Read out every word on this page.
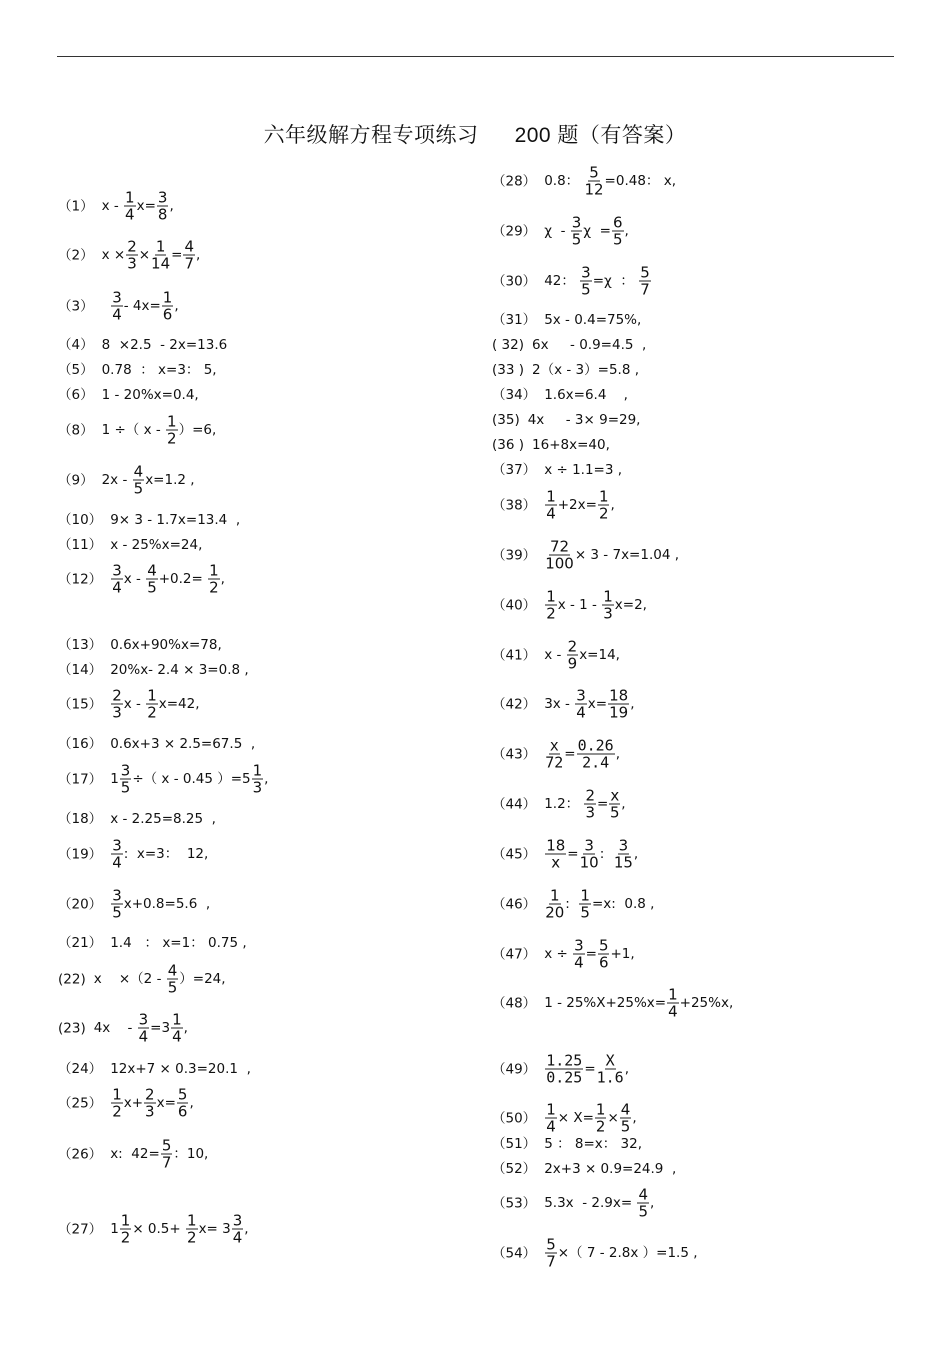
六年级解方程专项练习 200 题（有答案）
（1） $x - \frac{1}{4} x= \frac{3}{8}$ ,
（2） $x \times \frac{2}{3} \times \frac{1}{14} = \frac{4}{7}$ ,
$(3) \frac{3}{4} - 4x= \frac{1}{6}$ ,
（4） 8  ×2.5  - 2x=13.6
（5） 0.78  ： x=3： 5,
（6） 1 - 20%x=0.4,
（8） 1 ÷（ $x - \frac{1}{2} )=6$,
（9） $2x - \frac{4}{5} x=1.2$ ,
（10） 9× 3 - 1.7x=13.4  ,
（11） x - 25%x=24,
$(12) \frac{3}{4}$ $x - \frac{4}{5} +0.2= \frac{1}{2}$ ,
（13） 0.6x+90%x=78,
（14） 20%x- 2.4 × 3=0.8 ,
$(15) \frac{2}{3}$ $x - \frac{1}{2} x=42$,
（16） 0.6x+3 × 2.5=67.5  ,
（17） $1 \frac{3}{5}$ ÷（ x - 0.45 ）$=5 \frac{1}{3}$ ,
（18） x - 2.25=8.25  ,
$(19) \frac{3}{4}$ :  x=3：  12,
$(20) \frac{3}{5} x+0.8=5.6$  ,
（21） 1.4   ： x=1： 0.75 ,
(22) x    $\times(2 - \frac{4}{5} )=24$,
(23) 4x    - $\frac{3}{4} =3 \frac{1}{4}$ ,
（24） 12x+7 × 0.3=20.1  ,
$(25) \frac{1}{2} x+ \frac{2}{3} x= \frac{5}{6}$ ,
（26） x:  $42= \frac{5}{7}$ ：10,
（27） $1 \frac{1}{2} \times 0.5+ \frac{1}{2} x= 3 \frac{3}{4}$ ,
（28） 0.8： $\frac{5}{12} =0.48$： x,
（29） χ  - $\frac{3}{5}$ $\chi = \frac{6}{5}$ ,
（30） 42： $\frac{3}{5} =\chi$  ： $\frac{5}{7}$
（31） 5x - 0.4=75%,
( 32) 6x     - 0.9=4.5  ,
(33 ) 2（x - 3）=5.8 ,
（34） 1.6x=6.4    ,
(35) 4x     - 3× 9=29,
(36 ) 16+8x=40,
（37） x ÷ 1.1=3 ,
$(38) \frac{1}{4} +2x= \frac{1}{2}$ ,
$(39) \frac{72}{100} \times 3 - 7x=1.04$ ,
$(40) \frac{1}{2}$ $x - 1 - \frac{1}{3} x=2$,
（41） $x - \frac{2}{9} x=14$,
（42） $3x - \frac{3}{4} x= \frac{18}{19}$ ,
$(43) \frac{x}{72} = \frac{0.26}{2.4}$ ,
（44） 1.2： $\frac{2}{3} = \frac{x}{5}$ ,
$(45) \frac{18}{x} = \frac{3}{10}$ : $\frac{3}{15}$ ,
$(46) \frac{1}{20}$ : $\frac{1}{5} =x$:  0.8 ,
（47） $x \div \frac{3}{4} = \frac{5}{6} +1$,
（48） $1 - 25\%X+25\%x= \frac{1}{4} +25\%x$,
$(49) \frac{1.25}{0.25} = \frac{X}{1.6}$ ,
$(50) \frac{1}{4} \times X= \frac{1}{2} \times \frac{4}{5}$ ,
（51） 5 ： 8=x： 32,
（52） 2x+3 × 0.9=24.9  ,
（53） $5.3x - 2.9x= \frac{4}{5}$ ,
$(54) \frac{5}{7}$ ×（ 7 - 2.8x ）=1.5 ,
